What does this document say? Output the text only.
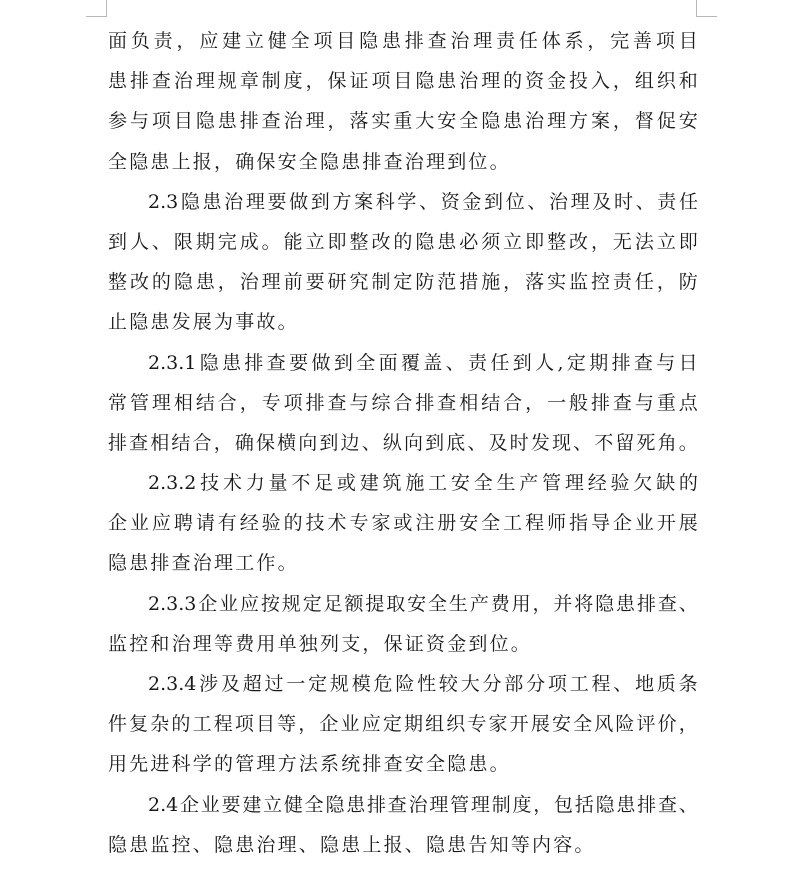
面 负 责 ， 应 建 立 健 全 项 目 隐 患 排 查 治 理 责 任 体 系 ， 完 善 项 目
患 排 查 治 理 规 章 制 度 ， 保 证 项 目 隐 患 治 理 的 资 金 投 入 ， 组 织 和
参 与 项 目 隐 患 排 查 治 理 ， 落 实 重 大 安 全 隐 患 治 理 方 案 ， 督 促 安
全隐患上报，确保安全隐患排查治理到位。
2.3 隐 患 治 理 要 做 到 方 案 科 学 、 资 金 到 位 、 治 理 及 时 、 责 任
到 人 、 限 期 完 成 。 能 立 即 整 改 的 隐 患 必 须 立 即 整 改 ， 无 法 立 即
整 改 的 隐 患 ， 治 理 前 要 研 究 制 定 防 范 措 施 ， 落 实 监 控 责 任 ， 防
止隐患发展为事故。
2.3.1 隐 患 排 查 要 做 到 全 面 覆 盖 、 责 任 到 人 , 定 期 排 查 与 日
常 管 理 相 结 合 ， 专 项 排 查 与 综 合 排 查 相 结 合 ， 一 般 排 查 与 重 点
排 查 相 结 合 ， 确 保 横 向 到 边 、 纵 向 到 底 、 及 时 发 现 、 不 留 死 角 。
2.3.2 技 术 力 量 不 足 或 建 筑 施 工 安 全 生 产 管 理 经 验 欠 缺 的
企 业 应 聘 请 有 经 验 的 技 术 专 家 或 注 册 安 全 工 程 师 指 导 企 业 开 展
隐患排查治理工作。
2.3.3 企 业 应 按 规 定 足 额 提 取 安 全 生 产 费 用 ， 并 将 隐 患 排 查 、
监控和治理等费用单独列支，保证资金到位。
2.3.4 涉 及 超 过 一 定 规 模 危 险 性 较 大 分 部 分 项 工 程 、 地 质 条
件 复 杂 的 工 程 项 目 等 ， 企 业 应 定 期 组 织 专 家 开 展 安 全 风 险 评 价 ，
用先进科学的管理方法系统排查安全隐患。
2.4 企 业 要 建 立 健 全 隐 患 排 查 治 理 管 理 制 度 ， 包 括 隐 患 排 查 、
隐患监控、隐患治理、隐患上报、隐患告知等内容。
